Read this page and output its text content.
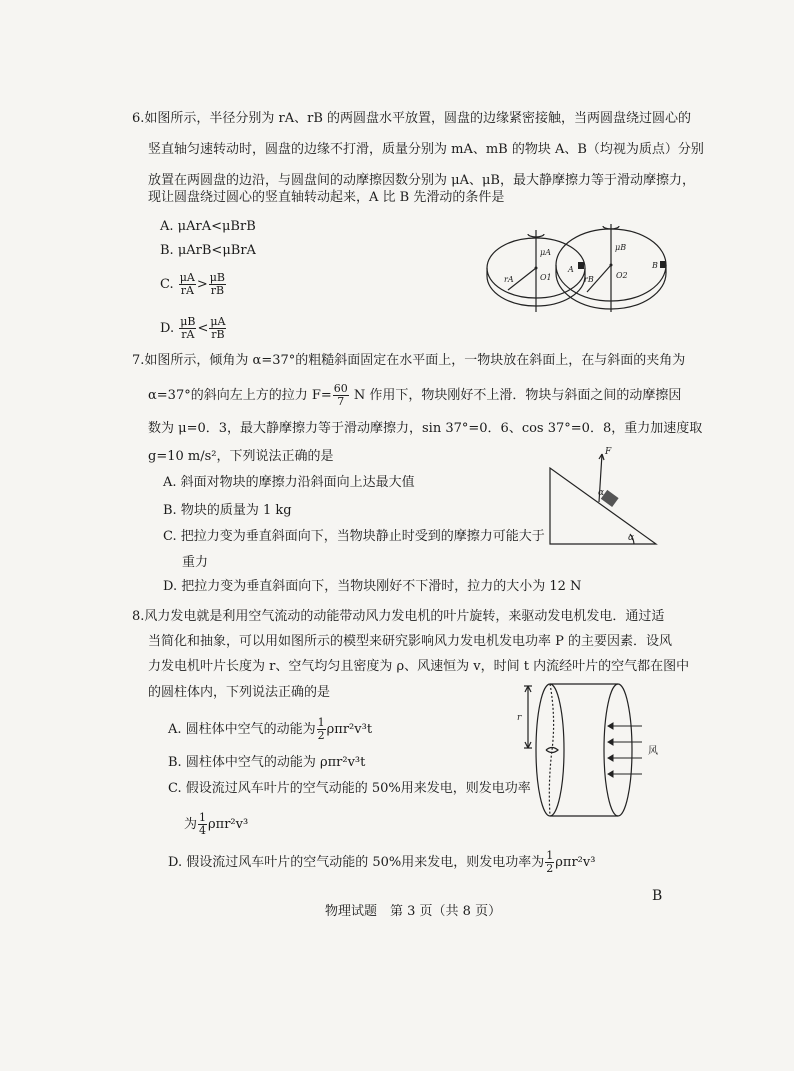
6.如图所示，半径分别为 rA、rB 的两圆盘水平放置，圆盘的边缘紧密接触，当两圆盘绕过圆心的
竖直轴匀速转动时，圆盘的边缘不打滑，质量分别为 mA、mB 的物块 A、B（均视为质点）分别
放置在两圆盘的边沿，与圆盘间的动摩擦因数分别为 μA、μB，最大静摩擦力等于滑动摩擦力，
现让圆盘绕过圆心的竖直轴转动起来，A 比 B 先滑动的条件是
A. μArA<μBrB
B. μArB<μBrA
C. $\frac{\mu A}{rA} > \frac{\mu B}{rB}$
D. $\frac{\mu B}{rA} < \frac{\mu A}{rB}$
μA
μB
rA	rB
O1	O2
A	B
7.如图所示，倾角为 α=37°的粗糙斜面固定在水平面上，一物块放在斜面上，在与斜面的夹角为
α=37°的斜向左上方的拉力 $F= \frac{60}{7}$ N 作用下，物块刚好不上滑．物块与斜面之间的动摩擦因
数为 μ=0．3，最大静摩擦力等于滑动摩擦力，sin 37°=0．6、cos 37°=0．8，重力加速度取
g=10 m/s²，下列说法正确的是
A. 斜面对物块的摩擦力沿斜面向上达最大值
B. 物块的质量为 1 kg
C. 把拉力变为垂直斜面向下，当物块静止时受到的摩擦力可能大于
重力
D. 把拉力变为垂直斜面向下，当物块刚好不下滑时，拉力的大小为 12 N
F
α
α
8.风力发电就是利用空气流动的动能带动风力发电机的叶片旋转，来驱动发电机发电．通过适
当简化和抽象，可以用如图所示的模型来研究影响风力发电机发电功率 P 的主要因素．设风
力发电机叶片长度为 r、空气均匀且密度为 ρ、风速恒为 v，时间 t 内流经叶片的空气都在图中
的圆柱体内，下列说法正确的是
A. 圆柱体中空气的动能为 $\frac{1}{2} \rho\pi r^2v^3t$
B. 圆柱体中空气的动能为 ρπr²v³t
C. 假设流过风车叶片的空气动能的 50%用来发电，则发电功率
为 $\frac{1}{4} \rho\pi r^2v^3$
D. 假设流过风车叶片的空气动能的 50%用来发电，则发电功率为 $\frac{1}{2} \rho\pi r^2v^3$
r
风
物理试题　第 3 页（共 8 页）
B
